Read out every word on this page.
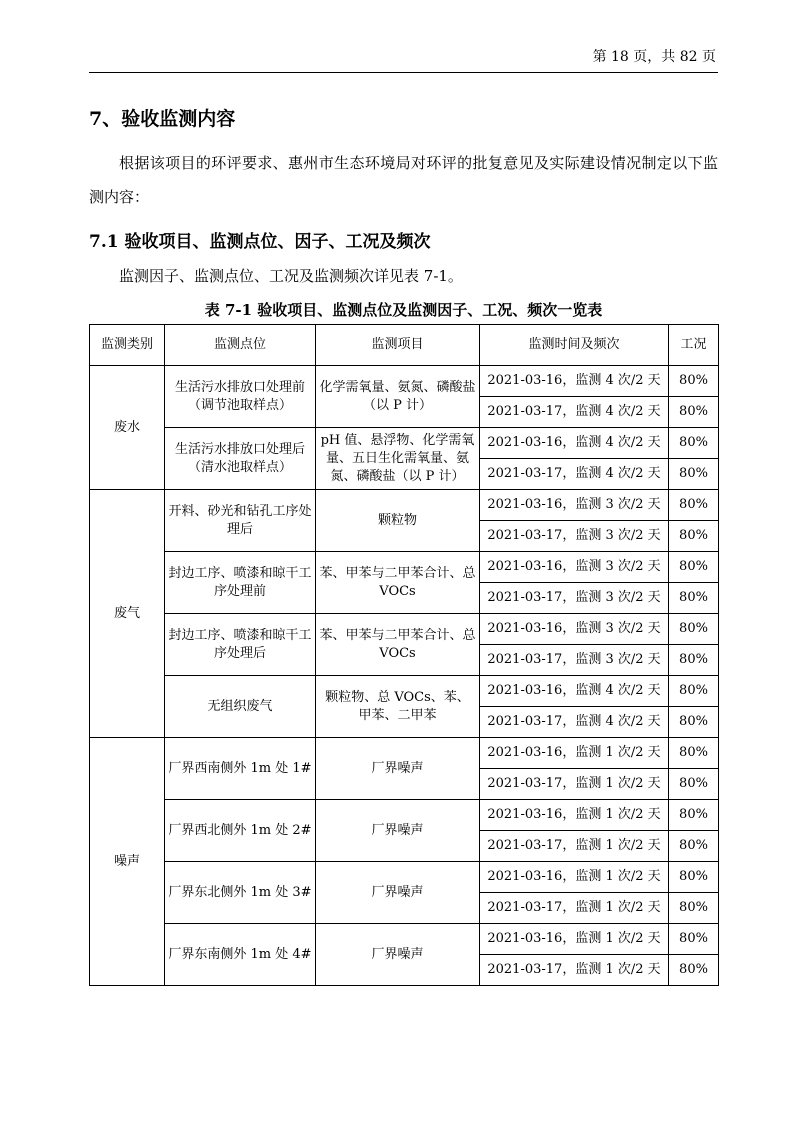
第 18 页，共 82 页
7、验收监测内容
根据该项目的环评要求、惠州市生态环境局对环评的批复意见及实际建设情况制定以下监测内容：
7.1 验收项目、监测点位、因子、工况及频次
监测因子、监测点位、工况及监测频次详见表 7-1。
表 7-1 验收项目、监测点位及监测因子、工况、频次一览表
监测类别	监测点位	监测项目	监测时间及频次	工况
废水	生活污水排放口处理前（调节池取样点）	化学需氧量、氨氮、磷酸盐（以 P 计）	2021-03-16，监测 4 次/2 天	80%
			2021-03-17，监测 4 次/2 天	80%
	生活污水排放口处理后（清水池取样点）	pH 值、悬浮物、化学需氧量、五日生化需氧量、氨氮、磷酸盐（以 P 计）	2021-03-16，监测 4 次/2 天	80%
			2021-03-17，监测 4 次/2 天	80%
废气	开料、砂光和钻孔工序处理后	颗粒物	2021-03-16，监测 3 次/2 天	80%
			2021-03-17，监测 3 次/2 天	80%
	封边工序、喷漆和晾干工序处理前	苯、甲苯与二甲苯合计、总 VOCs	2021-03-16，监测 3 次/2 天	80%
			2021-03-17，监测 3 次/2 天	80%
	封边工序、喷漆和晾干工序处理后	苯、甲苯与二甲苯合计、总 VOCs	2021-03-16，监测 3 次/2 天	80%
			2021-03-17，监测 3 次/2 天	80%
	无组织废气	颗粒物、总 VOCs、苯、甲苯、二甲苯	2021-03-16，监测 4 次/2 天	80%
			2021-03-17，监测 4 次/2 天	80%
噪声	厂界西南侧外 1m 处 1#	厂界噪声	2021-03-16，监测 1 次/2 天	80%
			2021-03-17，监测 1 次/2 天	80%
	厂界西北侧外 1m 处 2#	厂界噪声	2021-03-16，监测 1 次/2 天	80%
			2021-03-17，监测 1 次/2 天	80%
	厂界东北侧外 1m 处 3#	厂界噪声	2021-03-16，监测 1 次/2 天	80%
			2021-03-17，监测 1 次/2 天	80%
	厂界东南侧外 1m 处 4#	厂界噪声	2021-03-16，监测 1 次/2 天	80%
			2021-03-17，监测 1 次/2 天	80%
